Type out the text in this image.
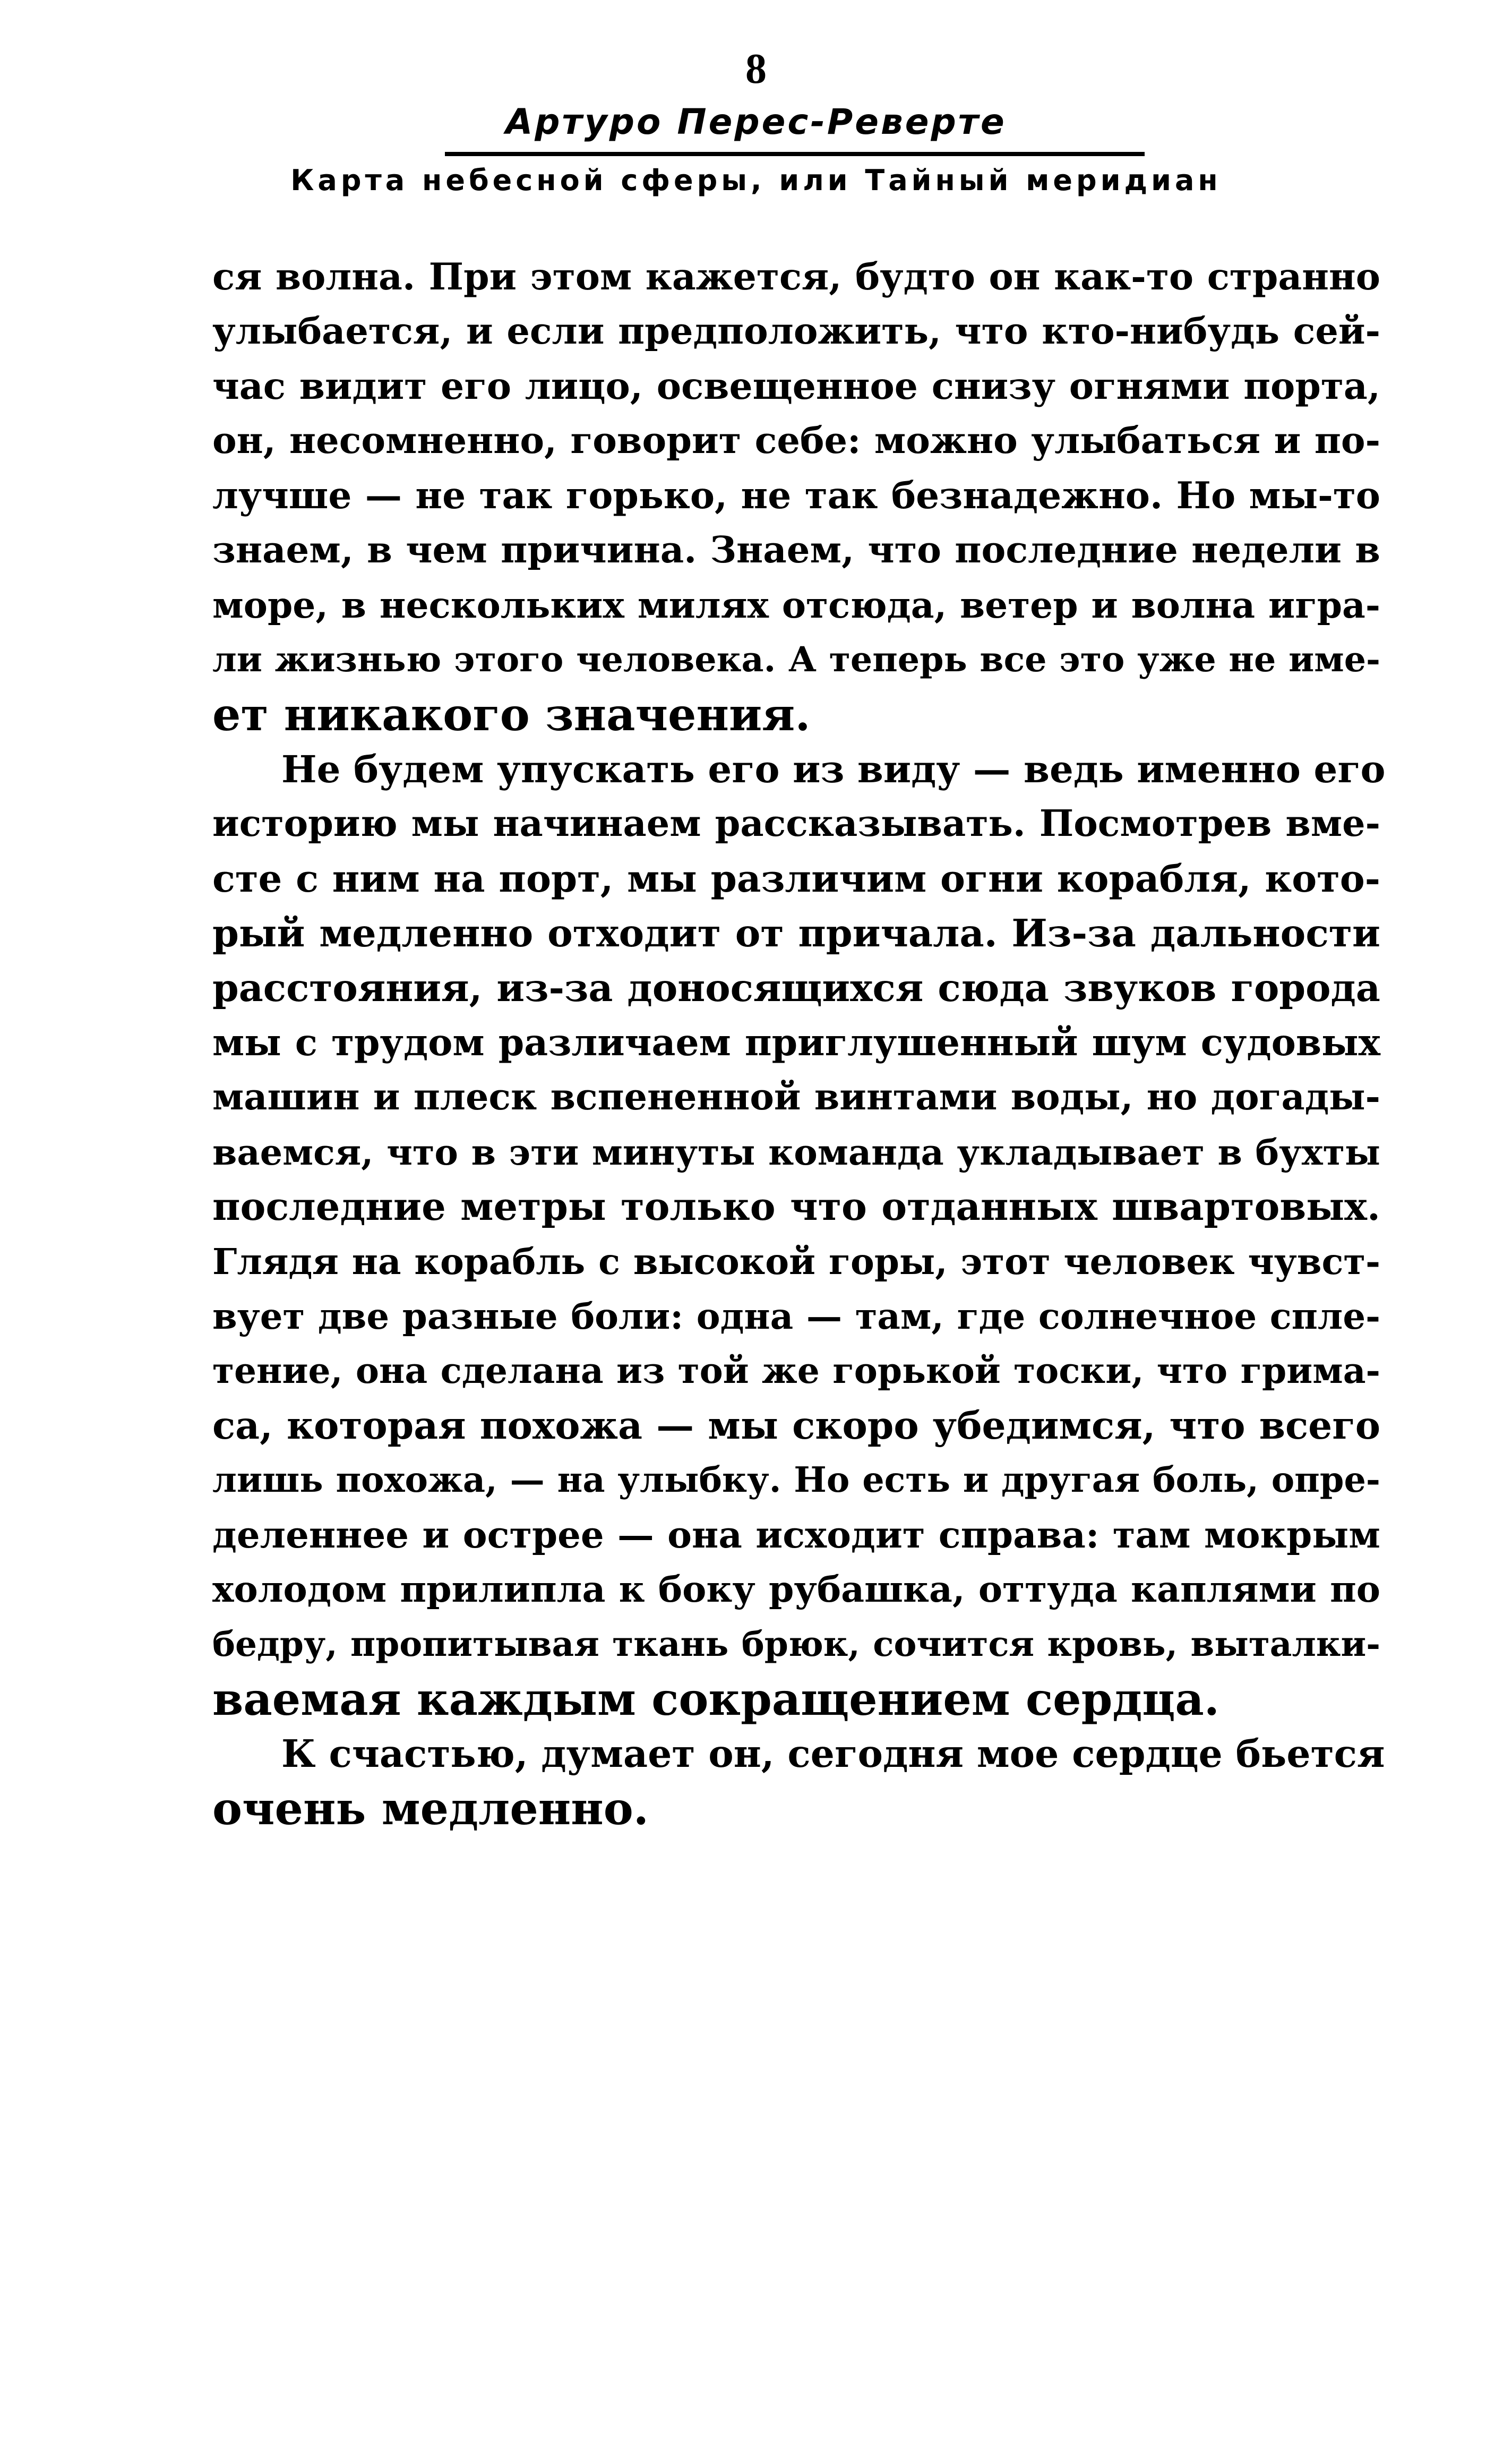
8
Артуро Перес-Реверте
Карта небесной сферы, или Тайный меридиан
ся волна. При этом кажется, будто он как-то странно
улыбается, и если предположить, что кто-нибудь сей-
час видит его лицо, освещенное снизу огнями порта,
он, несомненно, говорит себе: можно улыбаться и по-
лучше — не так горько, не так безнадежно. Но мы-то
знаем, в чем причина. Знаем, что последние недели в
море, в нескольких милях отсюда, ветер и волна игра-
ли жизнью этого человека. А теперь все это уже не име-
ет никакого значения.
Не будем упускать его из виду — ведь именно его
историю мы начинаем рассказывать. Посмотрев вме-
сте с ним на порт, мы различим огни корабля, кото-
рый медленно отходит от причала. Из-за дальности
расстояния, из-за доносящихся сюда звуков города
мы с трудом различаем приглушенный шум судовых
машин и плеск вспененной винтами воды, но догады-
ваемся, что в эти минуты команда укладывает в бухты
последние метры только что отданных швартовых.
Глядя на корабль с высокой горы, этот человек чувст-
вует две разные боли: одна — там, где солнечное спле-
тение, она сделана из той же горькой тоски, что грима-
са, которая похожа — мы скоро убедимся, что всего
лишь похожа, — на улыбку. Но есть и другая боль, опре-
деленнее и острее — она исходит справа: там мокрым
холодом прилипла к боку рубашка, оттуда каплями по
бедру, пропитывая ткань брюк, сочится кровь, выталки-
ваемая каждым сокращением сердца.
К счастью, думает он, сегодня мое сердце бьется
очень медленно.
